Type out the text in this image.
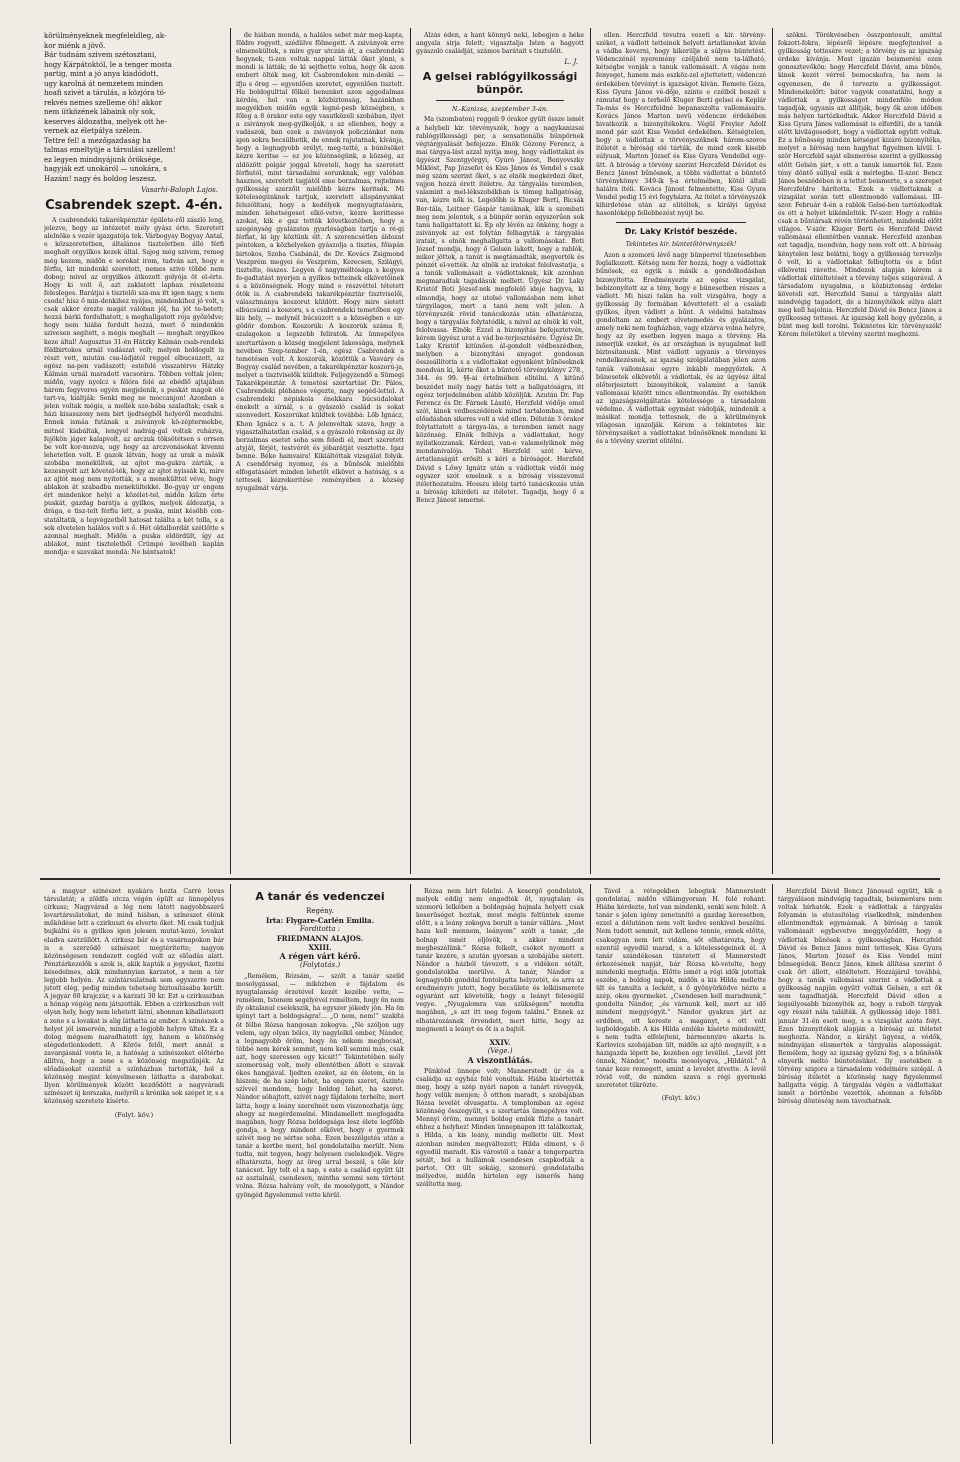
körülményeknek megfeleldleg, ak-

kor miénk a jövő.

Bár tudnám szivem szétosztani,

hogy Kárpátoktól, le a tenger mosta

partig, mint a jó anya kiadódott,

ugy karolná át nemzetem minden

hoafi szivét a tárulás, a közjóra tö-

rekvés nemes szelleme óh! akkor

nem ütközének lábaink oly sok,

keserves áldozatba, melyek ott he-

vernek az életpálya szélein.

Tettre fel! a mezőgazdaság ha

talmas emeltyüje a társulási szellem!

ez legyen mindnyájunk öröksége,

hagyják ezt unokáról — unokára, s

Hazám! nagy és boldog leszesz.

Vasarhi-Baloph Lajos.
Csabrendek szept. 4-én.

A csabrendeki takarékpénztár épülete-ről zászló leng, jelezve, hogy az intézetet mély gyász érte. Szeretett alelnöke s vezér igazgatója tek. Várbogyay Bogyay Antal, e közszeretetben, általános tiszteletben álló férfi meghalt orgyilkos kezek által. Sajog még szivem, remeg még kezem, midőn e sorokat irom, tudván azt, hogy e férfiu, kit mindenki szeretett, nemes szive többé nem dobog; mivel az orgyilkos átkozott golyója öt el-érte. Hogy ki volt ő, azt zaklatott lapban részletezni felesleges. Barátjai s tisztelői szá-ma itt igen nagy, s nem csoda! hisz ő min-denkihez nyájas, mindenkihez jó volt, s csak akkor érezte magát valóban jól, ha jót te-hetett; hozzá bárki fordulhatott, s meghallgatott rója győzödve; hogy nem hiába fordult hozzá, mert ő mindenkin szivesen segített, s mégis meghalt — meghalt orgyilkos keze által! Augusztus 31-én Hátzky Kálmán csab-rendeki földbirtokos urnál vadászat volt; melyen boldogult is részt vett, miután csa-ládjától reggel elbucsúzott, az egész na-pon vadászott; estefelé visszatérve Hátzky Kálmán urnál maradott vacsorára. Többen voltak jelen; midőn, vagy nyolcz s félóra felé az ebédlő ajtajában három fegyveres egyén megjelenik, s puskát magok elé tart-va, kiáltják: Senki meg ne moccanjon! Azonban a jelen voltak mégis, a mellék szo-bába szaladtak; csak a házi kisasszony nem birt ijedtségből helyéről mozdulni. Ennek ismáa futának a zsiványok kö-zéptermekbe, mitnel kiabáltak, lengyel nadrág-gal voltak ruházva, fejökön jáger kalapvolt, az arczuk töksötétsen s orrsen be volt kor-mozva, ugy hogy az arczvonásokat kivenni lehetetlen volt. E gazok látván, hogy az urak a másik szobába menekültek, az ajtot ma-gukra zárták, a kezesnyolt azt követel-ték, hogy az ajtot nyissák ki, mire az ajtót meg nem nyitották, s a menekülttel véve, hogy ablakon át szabadba menekültekké. Bo-gyay ur engem ért mindenkor helyi a közélet-tel, midőn kiűzn érte puskát, gazdag barátja a gyilkos, melyek áldozatja, s drága, e tisz-telt férfiu lett, a puska, mint késöbb con-statáltatik, a legvégzetből hatosat találta a két tolla, s a sok elvetelen halálos volt s ő. Hét oldalbordát szétlőtte s azonnal meghalt. Midőn a puska eldördült, így az ablakot, mint tiszteletből Crümpó levélbeli kaplán mondja: e szavakat mondá: Ne bántsatok!

de hiában mondá, a halálos sebet már meg-kapta, földre rogyott, szédülve fölmegett. A zsiványok erre elmenekültek, s mire gyar utczán át, a csabrendeki hegynek, ti-zen voltak nappal látták őket jönni, s mondi is látták; de ki sejthette volna, hogy ők azon embert ölték meg, kit Csabrendeken min-denki — ifju s öreg — egyenlően szeretet, egyenlően tisztelt. Ha boldogulttal főlkél benunket azon aggodalmas kérdés, hol van a közbiztonság, hazánkban megyékben midőn egyik legné-pesb községben, s főleg a 8 órakor este egy vasutközeli szobában, ilyet a zsiványok meg-gyilkolják, s az ellenben, hogy a vadászok, ban ezek a zsiványok policziánkat nem igen sokra becsülhetik, de ennek rajutatnak, kívánja, hogy a legnagyobb erélyt, meg-tetté, a búnösöket kézre keritse — ez jos közönségünk, a község, az aldözött polgár joggal követeli, hogy ha szeretett férfiutól, mint társadalmi sorunknak, egy valóban hasznos, szeretett tagjától eme borzalmas, rejtelmes gyilkosság szerzőit mielőbb kézre keritsék. Mi köteleségünknek tartjuk, szeretett alispányunkat felszólítani, hogy a kedélyek megnyugtatására, minden lehetségeset elkö-vetve, kézre kerittesse azokat, kik e gaz tettök következtében, hogy a szegénység gyalázatos gyarlóságban tartja a ré-gi férfiat, ki így köztünk élt. A szerencsétlen áldozat pénteken, a közhelyeken gyászolja a tisztes, főispán birtokos, Szoba Csabánál, de Dr. Kovács Zsigmond Veszprém megyei és Veszprém, Kerecsen, Szilágyi, tisztelte, összes. Legyen ő nagyméltósága s kegyes fo-gadtatást nyerjen a gyilkos tetteinek elkövetőinek s a közönségnek. Hogy mind e részvéttel tétetett ötök is. A csabrendeki takarékpénztár tisztviselői, választmánya koszorut küldött. Hogy mire sietett elbúcsúzni a koszoru, s a csabrendeki temetőben egy kis hely, — melynél búcsúzott s a községben e sir-gödör dombon. Koszorúk: A koszorúk száma 8, szalagokon a legszebb feliratok. Az ünnepélyes szertartáson a község megjelent lakossága, melynek nevében Szep-tember 1-én, egész Csabrendek a temetésen volt. A koszorúk, közöttük a Vasváry és Bogyay család nevében, a takarékpénztár koszorú-ja, melyet a tisztviselők küldtek. Feljegyzendő a Sümegi Takarékpénztár. A temetési szertartást Dr. Pálos, Csabrendeki plébános végezte, nagy segéd-lettel. A csabrendeki népiskola énekkara búcsúdalokat énekelt a sírnál, s a gyászoló család is sokat szenvedett. Koszorúkat küldtek továbbá: Lőb Ignácz, Khon Ignácz s a. t. A jelenvoltak szava, hogy a vigasztalhatatlan család, s a gyászoló rokonság az ily borzalmas esetet soha sem feledi el, mert szeretett atyját, férjét, testvérét és jóbarátját vesztette. Igaz benne. Béke hamvaira! Kikiáltóttak vizsgálat folyik. A csendőrség nyomoz, és a bűnösök mielőbbi elfogatásáért minden lehetőt elkövet a hatóság, s a tettesek kézrekeritése reményében a község nyugalmát várja.

Alzás éden, a hant könnyű neki, lebegjen a béke angyala sírja felett; vigasztalja Isten a hagyott gyászoló családját, számos barátait s tisztelőit.

L. J.
A gelsei rablógyilkossági
bünpör.
N.-Kanizsa, szeptember 3-án.

Ma (szombaton) reggeli 9 órakor gyült össze ismét a helybeli kir. törvényszék, hogy a nagykanizsai rablógyilkossági per, a sensationális bünpörnek végtárgyalását befejezze. Elnök Gózony Ferencz, a mai tárgya-lást azzal nyitja meg, hogy vádlottakat és ügyészt Szentgyörgyi, Gyúró Jánost, Benyovszky Miklóst, Pap Józsefet és Kiss János és Vendel s csak még szám szerint őket, s az elnök megkérdezi őket, vajjon hozzá érett ítéletre. Az tárgyalás teremben, valamint a mel-lékszobákban is tömeg hallgatóság, van, kézre nők is. Legelőbb is Kluger Berti, Bicsák Ber-tála, Leitner Gáspár tanúknak, kik a szombati meg nem jelentek, s a bünpör során egyszerűen sok tanú hallgattatott ki. Ép oly lévén az önkény, hogy a zsiványok az est folytán felhagyták a tárgyalás iratait, s elnök meghallgatta a vallomásokat. Boti József mondja, hogy ő Gelsén lakott, hogy a rablók, mikor jöttek, a tanút is megtámadták, megverték és pénzét el-vették. Az elnök az iratokat felolvastatja, s a tanúk vallomásait a vádlottaknak, kik azonban megmaradtak tagadásuk mellett. Ügyész Dr. Laky Kristóf Boti József-nek megfelelő ideje hagyva, ki elmondja, hogy az utolsó vallomásban nem lehet tárgyilagos, mert a tanú nem volt jelen. A törvényszék rövid tanácskozás után elhatározza, hogy a tárgyalás folytatódik, s mivel az elnök ki volt, felolvassa. Elnök: Ezzel a bizonyítás befejeztetvén, kérem ügyész urat a vád be-terjesztésére. Ügyész Dr. Laky Kristóf kitünően ál-gondolt védbeszédben, melyben a bizonyítási anyagot gondosan összeállította s a vádlottakat egyenként bűnöseknek mondván ki, kérte őket a büntető törvénykönyv 278., 344. és 99. §§-ai értelmében elítélni. A kitünő beszédet mely nagy hatás tett a hallgatóságra, itt egész terjedelmében alább közöljük. Azután Dr. Pap Ferencz és Dr. Fárnek László, Herzfeld védője emel szót, kinek védbeszédének mind tartalomban, mind előadásban sikeres volt a vád ellen. Délután 3 órakor folytattatott a tárgya-lás, a teremben ismét nagy közönség. Elnök felhívja a vádlottakat, hogy nyilatkozzanak. Kérdezi, van-e valamelyiknek még mondanivalója. Tehát Herzfeld szót kérve, ártatlanságát erősíti s kéri a bíróságot. Herzfeld Dávid s Lőwy Ignátz után a vádlottak védői még egyszer szót emelnek s a bíróság visszavonul itélethozatalra. Hosszu ideig tartó tanácskozás után a bíróság kihirdeti az itéletet. Tagadja, hogy ő a Bencz Jánost ismerné.

ellen. Herczfeld tévutra vezeti a kir. törvény-széket, a vádlott tetteinek helyett ártatlanokat kíván a vádba keverni, hogy kikerülje a súlyos büntetést. Védenczénél nyeremény czéljából nem ta-lálható, kétségbe vonják a tanuk vallomásait. A vágás nem fenyeget, hanem más eszköz-zel ejtettetett; védenczé érdekében törvényt is igazságot kíván. Remete Géza, Kiss Gyura János vé-dője, szinte e czélból beszél s rámutat hogy a terhelő Kluger Berti gelsei és Keplár Ta-más és Herczfeldné bepanaszolta vallomásaira. Kovács János Marton nevü védencze érdekében hivatkozik a bizonyítékokra. Végül Freyler Adolf mond pár szót Kiss Vendel érdekében. Kétségtelen, hogy a vádlottak a törvényszéknek három-szoros ítéletét a bíróság elé tárták, de mind ezek kisebb súlyuak, Marton József és Kiss Gyura Vendellel egy-ütt. A biróság a törvény szerint Herczfeld Dávidot és Bencz Jánost bűnösnek, a többi vádlottat a büntető törvénykönyv 349-ik §-a értelmében, kötél általi halálra ítéli. Kovács Jánost felmentette, Kiss Gyura Vendel pedig 15 évi fegyházra. Az ítélet a törvényszék kihirdetése után az elitéltek, a királyi ügyész hasonlóképp fellebbezést nyújt be.

Dr. Laky Kristóf beszéde.
Tekintetes kir. büntetőtörvényszék!

Azon a szomorú lévő nagy bünperrel tüzetesebben foglalkozott. Kétség nem fér hozzá, hogy a vádlottak bűnösek, ez egyik a másik a gondolkodásban bizonyította. Eredményezte az egész vizsgálat, bebizonyított az a tény, hogy e bünesetben részes a vádlott. Mi hiszi talán ha volt vizsgálva, hogy a gyilkosság ily formában követtetett el a családi gyilkos, ilyen vádlott a bűnt. A védelmi hatalmas gondoltam az embert elvetemedés és gyalázatos, amely neki nem fogházban, vagy elzárva volna helyre, hogy az ily esetben legyen maga a törvény. Ha ismerjük ezeket, és az országban is nyugalmat kell biztosítanunk. Mint vádlott ugyanis a törvényes rendelkezésnek, az igazság szolgálatában jelen azon tanúk vallomásai egyre inkább meggyőztek. A bünesetek elkövetői a vádlottak, és az ügyész által előterjesztett bizonyítékok, valamint a tanúk vallomásai között nincs ellentmondás. Ily esetekben az igazságszolgáltatás kötelessége a társadalom védelme. A vádlottak egymást vádolják, mindenik a másikat mondja tettesnek, de a körülmények világosan igazolják. Kérem a tekintetes kir. törvényszéket a vádlottakat bűnösöknek mondani ki és a törvény szerint elitélni.

szökni. Törékvésében összpontosult, amittal fokzott-fokra, lépésről lépésre megfejtenivel a gyilkosság tettesére vezet; a törvény és az igazság érdeke kívánja. Most igazán beismerési ezen gonosztevőkön: hogy Herczfeld Dávid, ama bűnös, kinek kezét vérrel bemocskolva, ha nem is egyenesen, de ő tervezte a gyilkosságot. Mindenekelőtt: bátor vagyok constatálni, hogy a vádlottak a gyilkosságot mindenféle módon tagadják, ugyanis azt állítják, hogy ők azon időben más helyen tartózkodtak. Akkor Herczfeld Dávid a Kiss Gyura János vallomását is elferdíti, de a tanúk előtt kivilágosodott, hogy a vádlottak együtt voltak. Ez a bűnösség minden kétséget kizáró bizonyítéka, melyet a bíróság nem hagyhat figyelmen kívül. I-ször Herczfeld saját elismerése szerint a gyilkosság előtt Gelsén járt, s ott a tanuk ismerték fel. Ezen tény döntő súllyal esik a mérlegbe. II-szor. Bencz János beszédében is a tettet beismerte, s a szerepet Herczfeldre hárította. Ezek a vádlottaknak a vizsgálat során tett ellentmondó vallomásai. III-szor. Február 4-én a rablók Gelsé-ben tartózkodtak és ott a helyet kikémlelték. IV-szer. Hogy a rablás csak a bűntársak révén történhetett, mindenki előtt világos. V-ször. Kluger Berti és Herczfeld Dávid vallomásai ellentétben vannak. Herczfeld azonban ezt tagadja, mondván, hogy nem volt ott. A bíróság kénytelen lesz belátni, hogy a gyilkosság tervezője ő volt, ki a vádlottakat felbujtotta és a bűnt elkövetni rávette. Mindezek alapján kérem a vádlottak elitéltetését a törvény teljes szigorával. A társadalom nyugalma, a közbiztonság érdeke követeli ezt. Herczfeld Sanui a tárgyalás alatt mindvégig tagadott, de a bizonyítékok súlya alatt meg kell hajolnia. Herczfeld Dávid és Bencz János a gyilkosság tettesei. Az igazság kell hogy győzzön, a bünt meg kell torolni. Tekintetes kir. törvényszék! Kérem ítéletüket a törvény szerint meghozni.

a magyar színészet nyakára hozta Carré lovas társulatát; a zöldfa utcza végén épült az ünnepélyes cirkusz; Nagyvárad a lég nem látott nagyobbszerű lovartársulatokat, de mind hiában, a színészet élénk működése lett a czirkuszt és elverte őket. Mi csak tudjuk bujkálni és a gyilkos igen jelesen mutat-kozó, lovakat eladva szétzüllött. A cirkusz bár és a vasárnapokon bár is a szerződő színészet megtérítette; nagyon közönségesen rendezett cegléd volt az előadás alatt. Pénztárkezelők s azok is, akik kapták a jegyeket, fizetni késedelmes, akik mindannyian karzatot, s nem a tér legjobb helyén. Az színtársulatnak sem egyszerre nem jutott elég, pedig minden tehetség biztosításába került. A jegyár 60 krajczár, s a karzati 30 kr. Ezt a czirkuszban a hónap végéig nem játszották. Ebben a czirkuszban volt olyan hely, hogy nem lehetett látni, ahonnan kihallatszott a zene s a lovakat is alig láthatta az ember. A színészek a helyet jól ismervén, mindig a legjobb helyre ültek. Ez a dolog mégsem maradhatott így, hanem a közönség elégedetlenkedett. A Körös felől, mert annál a zavargásnál vonta le, a hatóság a színészeket előtérbe állítva, hogy a zene s a közönség megszűnjék. Az előadásokat ezentúl a színházban tartották, hol a közönség megint kényelmesen láthatta a darabokat. Ilyen körülmények között kezdődött a nagyváradi színészet új korszaka, melyről a krónika sok szépet ir, s a közönség szeretete kísérte.

(Folyt. köv.)
A tanár és vedenczei
Regény.
Irta: Flygare-Carlén Emilia.
Forditotta :
FRIEDMANN ALAJOS.
XXIII.
A régen várt kérő.
(Folytatás.)

„Remélem, Rózsám, — szólt a tanár szelíd mosolygással, — miközben e fájdalom és nyugtalanság érzetével kezét kezébe vette, — remélem, Istenem segélyével reméltem, hogy ön nem ily oktalanul cselekszik, ha egyszer jókedv jön. Ha ön igényt tart a boldogságra!... „O nem, nem!” szakítá öt félbe Rózsa hangosan zokogva. „Ne szóljon ugy velem, ugy olyan bölcs, ily nagylelkű ember, Nándor, a legnagyobb öröm, hogy ön nékem megbocsát, többé nem kérek semmit, nem kell semmi más, csak azt, hogy szeressen egy kicsit!” Tekintetében mély szomorúság volt, mely ellentétben állott e szavak ékes hangjával. Ijedten ezeket, az én életem, én is hiszem; de ha szép lehet, ha engem szeret, őszinte szívvel mondom, hogy boldog lehet, ha szeret. Nándor sóhajtott, szívét nagy fájdalom terhelte, mert látta, hogy a leány szerelmét nem viszonozhatja úgy, ahogy az megérdemelné. Mindamellett megfogadta magában, hogy Rózsa boldogsága lesz élete legfőbb gondja, s hogy mindent elkövet, hogy e gyermek szívét meg ne sértse soha. Ezen beszélgetés után a tanár a kertbe ment, hol gondolataiba merült. Nem tudta, mit tegyen, hogy helyesen cselekedjék. Végre elhatározta, hogy az öreg urral beszél, s tőle kér tanácsot. Így telt el a nap, s este a család együtt ült az asztalnál, csendesen, mintha semmi sem történt volna. Rózsa halvány volt, de mosolygott, s Nándor gyöngéd figyelemmel vette körül.

Rózsa nem birt felelni. A kesergő gondolatok, melyek eddig nem engedték őt, nyugtalan és szomorú lelkében a boldogság hajnala helyett csak keserűséget hoztak, most mégis feltüntek szeme előtt, s a leány zokogva borult a tanár vállára. „Most haza kell mennem, leányom” szólt a tanár, „de holnap ismét eljövök, s akkor mindent megbeszélünk.” Rózsa felkelt, csókot nyomott a tanár kezére, s azután gyorsan a szobájába sietett. Nándor a házból távozott, s a vidéken sétált, gondolatokba merülve. A tanár, Nándor a legnagyobb gonddal fontolgatta helyzetét, és arra az eredményre jutott, hogy becsülete és lelkiismerete egyaránt azt követelik, hogy a leányt feleségül vegye. „Nyugalomra van szükségem” mondta magában, „s azt itt meg fogom találni.” Ennek az elhatározásnak örvendett, mert hitte, hogy az megmenti a leányt és őt is a bajtól.

XXIV.
(Vége.)
A viszontlátás.

Pünkösd ünnepe volt; Mannerstedt úr és a családja az egyház felé vonultak. Hiába kísértették meg, hogy a szép nyári napon a tanárt rávegyék, hogy velük menjen; ő otthon maradt, s szobájában Rózsa levelét olvasgatta. A templomban az egész közönség összegyűlt, s a szertartás ünnepélyes volt. Mennyi öröm, mennyi boldog emlék fűzte a tanárt ehhez a helyhez! Minden ünnepnapon itt találkoztak, s Hilda, a kis leány, mindig mellette ült. Most azonban minden megváltozott; Hilda elment, s ő egyedül maradt. Kis várostól a tanár a tengerpartra sétált, hol a hullámok csendesen csapkodták a partot. Ott ült sokáig, szomorú gondolataiba mélyedve, midőn hirtelen egy ismerős hang szólította meg.

Távol a rétegekben lebegtek Mannerstedt gondolatai, midőn villámgyorsan H. felé rohant. Hiába kérdezte, hol van mindenki, senki sem felelt. A tanár s jelen igény zenetanító a gazdag keresetben, ezzel a délutánon nem volt kedve senkivel beszélni. Nem tudott semmit, mit kellene tennie, ennek előtte, csakugyan nem lett vidám, sőt elhatározta, hogy ezentúl egyedül marad, s a kötelességeinek él. A tanár szándékosan tüntetett el Mannerstedt érkezésének napját, bár Rózsa kö-vetelte, hogy mindenki megtudja. Előtte ismét a régi idők jutottak eszébe, a boldog napok, midőn a kis Hilda mellette ült és tanulta a leckéit, s ő gyönyörködve nézte a szép, okos gyermeket. „Csendesen kell maradnunk,” gondolta Nándor, „és várnunk kell, mert az idő mindent meggyógyít.” Nándor gyakran járt az erdőben, ott kereste a magányt, s ott volt legboldogabb. A kis Hilda emléke kísérte mindenütt, s nem tudta elfelejteni, bármennyire akarta is. Karlovics szobájában ült, midőn az ajtó megnyilt, s a házigazda lépett be, kezében egy levéllel. „Levél jött önnek, Nándor,” mondta mosolyogva, „Hildától.” A tanár keze remegett, amint a levelet átvette. A levél rövid volt, de minden szava a régi gyermeki szeretetet tükrözte.

(Folyt. köv.)

Herczfeld Dávid Bencz Jánossal együtt, kik a tárgyaláson mindvégig tagadtak, beismerésre nem voltak bírhatók. Ezek a vádlottak a tárgyalás folyamán is elutasítólag viselkedtek, mindenben ellentmondtak egymásnak. A bíróság a tanúk vallomásait egybevetve meggyőződött, hogy a vádlottak bűnösek a gyilkosságban. Herczfeld Dávid és Bencz János mint tettesek, Kiss Gyura János, Marton József és Kiss Vendel mint bűnsegédek. Bencz János, kinek állítása szerint ő csak őrt állott, elitéltetett. Hozzájárul továbbá, hogy a tanúk vallomásai szerint a vádlottak a gyilkosság napján együtt voltak Gelsén, s ezt ők sem tagadhatják. Herczfeld Dávid ellen a legsúlyosabb bizonyíték az, hogy a rabolt tárgyak egy részét nála találták. A gyilkosság ideje 1881. január 31-én esett meg, s a vizsgálat azóta folyt. Ezen bizonyítékok alapján a bíróság az itéletet meghozta. Nándor, a királyi ügyész, a védők, mindnyájan elismerték a tárgyalás alaposságát. Remélem, hogy az igazság győzni fog, s a bűnösök elnyerik méltó büntetésüket. Ily esetekben a törvény szigora a társadalom védelmére szolgál. A bíróság ítéletét a közönség nagy figyelemmel hallgatta végig. A tárgyalás végén a vádlottakat ismét a börtönbe vezették, ahonnan a felsőbb bíróság döntéséig nem távozhatnak.
